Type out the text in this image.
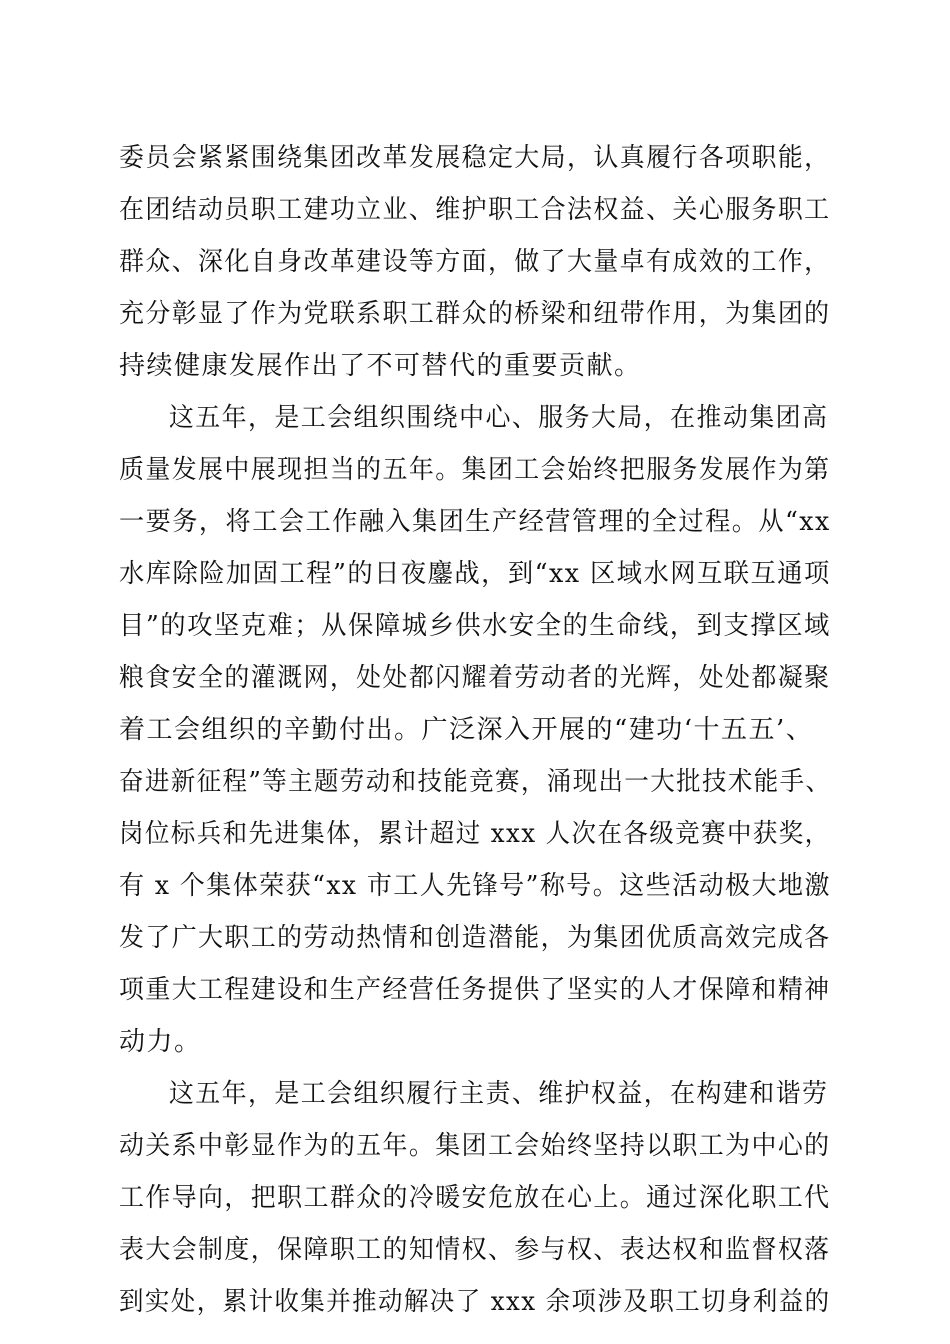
委员会紧紧围绕集团改革发展稳定大局，认真履行各项职能，
在团结动员职工建功立业、维护职工合法权益、关心服务职工
群众、深化自身改革建设等方面，做了大量卓有成效的工作，
充分彰显了作为党联系职工群众的桥梁和纽带作用，为集团的
持续健康发展作出了不可替代的重要贡献。
这五年，是工会组织围绕中心、服务大局，在推动集团高
质量发展中展现担当的五年。集团工会始终把服务发展作为第
一要务，将工会工作融入集团生产经营管理的全过程。从“xx
水库除险加固工程”的日夜鏖战，到“xx 区域水网互联互通项
目”的攻坚克难；从保障城乡供水安全的生命线，到支撑区域
粮食安全的灌溉网，处处都闪耀着劳动者的光辉，处处都凝聚
着工会组织的辛勤付出。广泛深入开展的“建功‘十五五’、
奋进新征程”等主题劳动和技能竞赛，涌现出一大批技术能手、
岗位标兵和先进集体，累计超过 xxx 人次在各级竞赛中获奖，
有 x 个集体荣获“xx 市工人先锋号”称号。这些活动极大地激
发了广大职工的劳动热情和创造潜能，为集团优质高效完成各
项重大工程建设和生产经营任务提供了坚实的人才保障和精神
动力。
这五年，是工会组织履行主责、维护权益，在构建和谐劳
动关系中彰显作为的五年。集团工会始终坚持以职工为中心的
工作导向，把职工群众的冷暖安危放在心上。通过深化职工代
表大会制度，保障职工的知情权、参与权、表达权和监督权落
到实处，累计收集并推动解决了 xxx 余项涉及职工切身利益的
